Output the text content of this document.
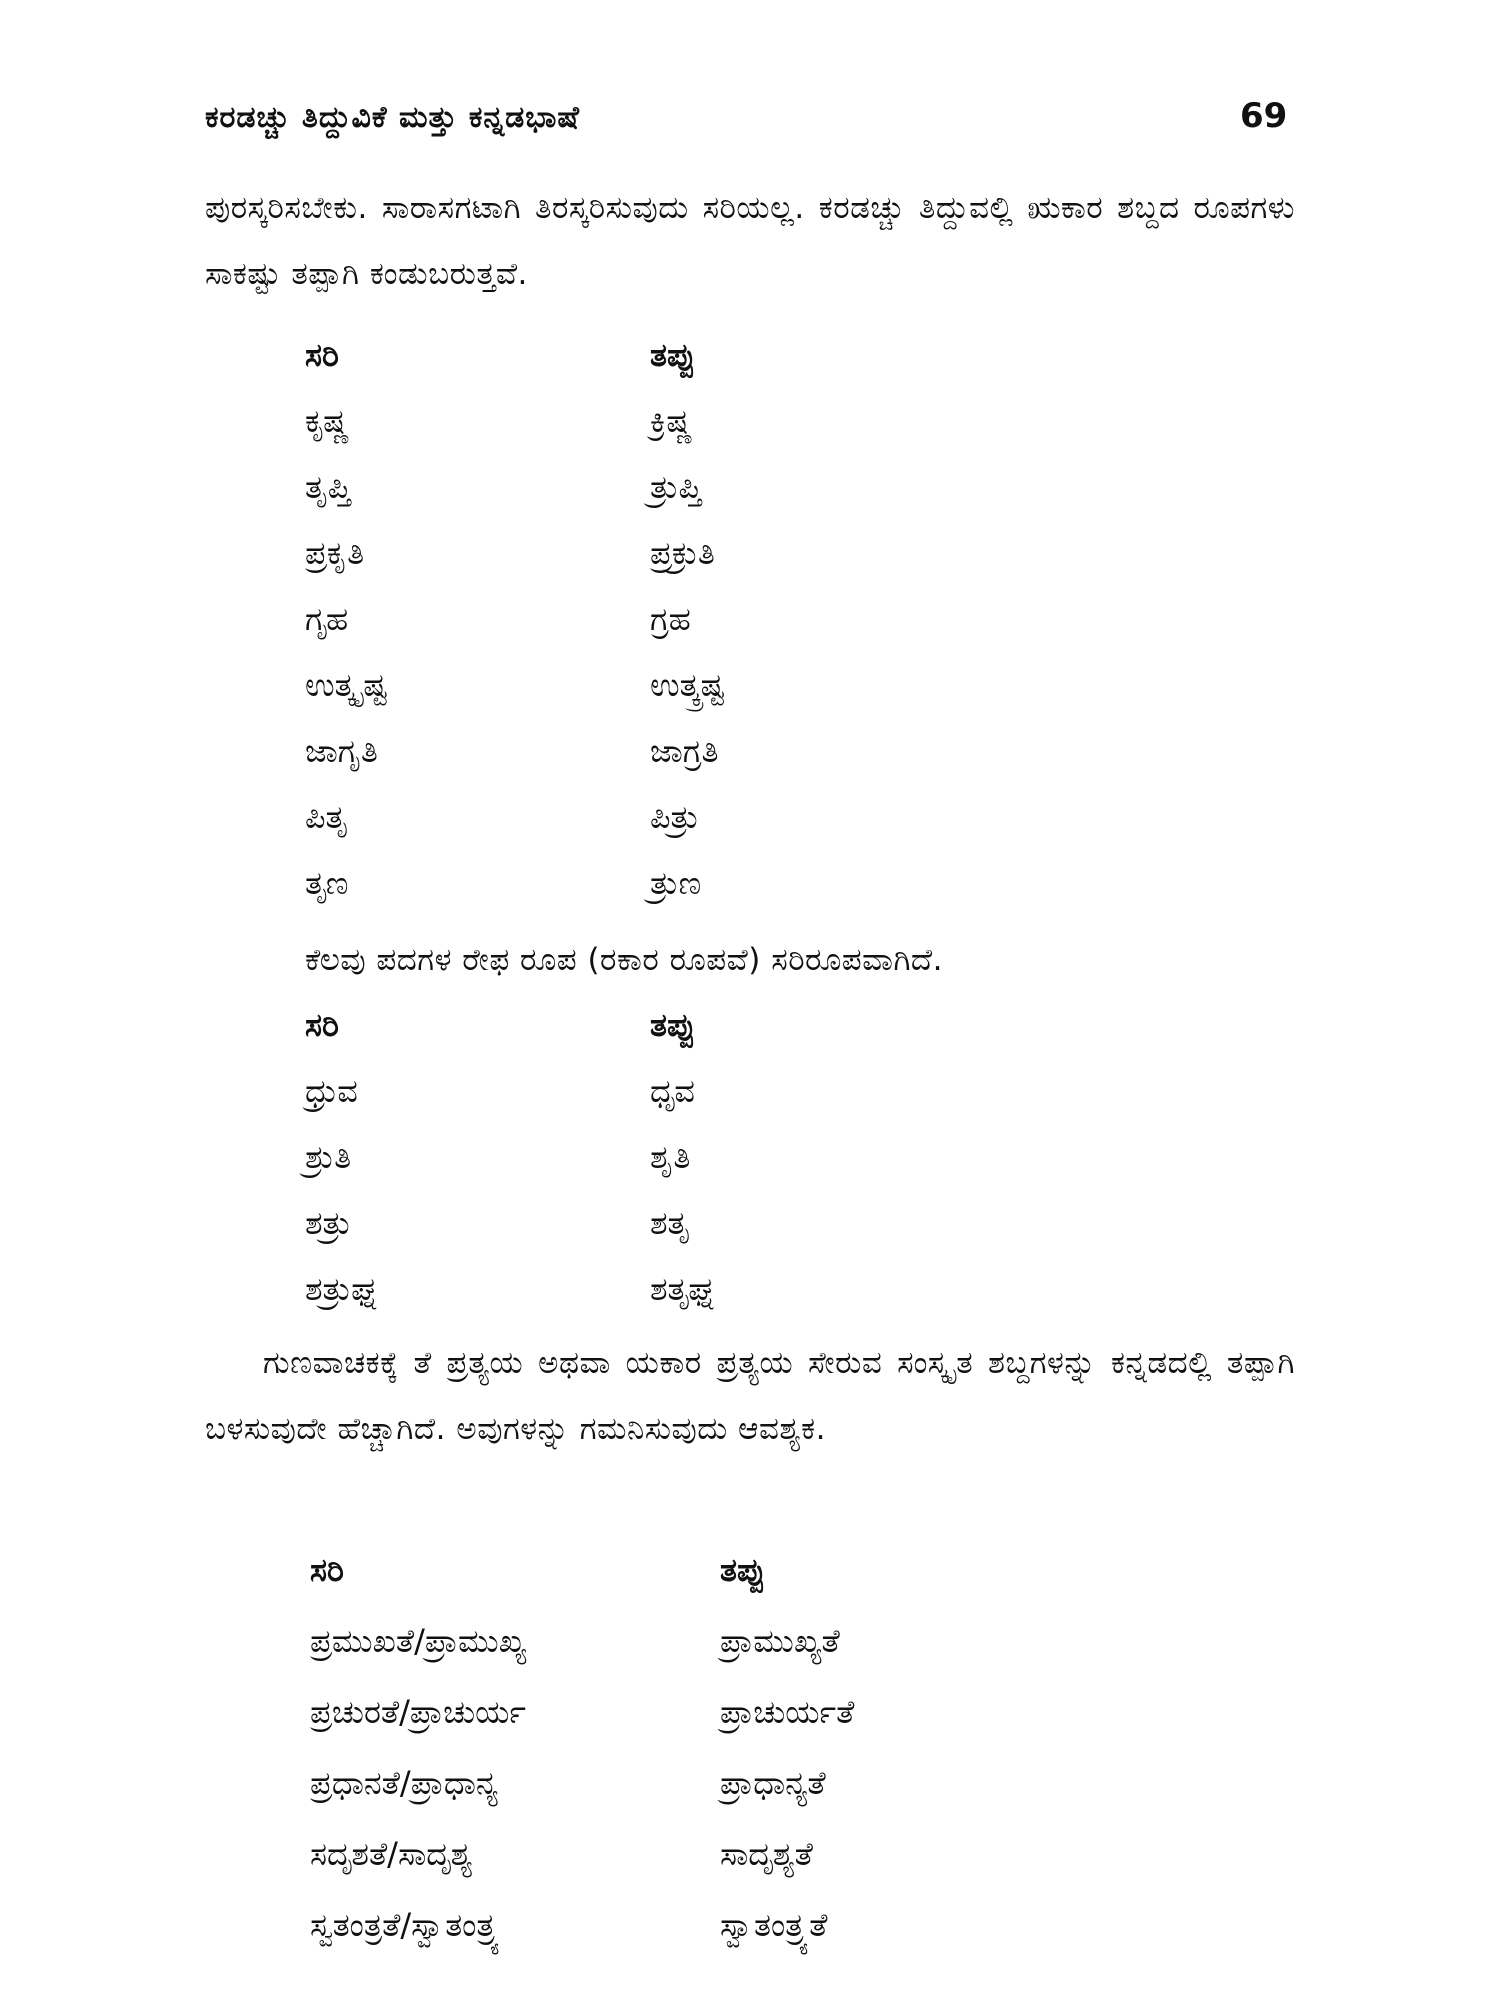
ಕರಡಚ್ಚು ತಿದ್ದುವಿಕೆ ಮತ್ತು ಕನ್ನಡಭಾಷೆ	69
ಪುರಸ್ಕರಿಸಬೇಕು. ಸಾರಾಸಗಟಾಗಿ ತಿರಸ್ಕರಿಸುವುದು ಸರಿಯಲ್ಲ. ಕರಡಚ್ಚು ತಿದ್ದುವಲ್ಲಿ ಋಕಾರ ಶಬ್ದದ ರೂಪಗಳು ಸಾಕಷ್ಟು ತಪ್ಪಾಗಿ ಕಂಡುಬರುತ್ತವೆ.
ಸರಿ	ತಪ್ಪು
ಕೃಷ್ಣ	ಕ್ರಿಷ್ಣ
ತೃಪ್ತಿ	ತ್ರುಪ್ತಿ
ಪ್ರಕೃತಿ	ಪ್ರಕ್ರುತಿ
ಗೃಹ	ಗ್ರಹ
ಉತ್ಕೃಷ್ಟ	ಉತ್ಕ್ರಷ್ಟ
ಜಾಗೃತಿ	ಜಾಗ್ರತಿ
ಪಿತೃ	ಪಿತ್ರು
ತೃಣ	ತ್ರುಣ
ಕೆಲವು ಪದಗಳ ರೇಫ ರೂಪ (ರಕಾರ ರೂಪವೆ) ಸರಿರೂಪವಾಗಿದೆ.
ಸರಿ	ತಪ್ಪು
ಧ್ರುವ	ಧೃವ
ಶ್ರುತಿ	ಶೃತಿ
ಶತ್ರು	ಶತೃ
ಶತ್ರುಘ್ನ	ಶತೃಘ್ನ
ಗುಣವಾಚಕಕ್ಕೆ ತೆ ಪ್ರತ್ಯಯ ಅಥವಾ ಯಕಾರ ಪ್ರತ್ಯಯ ಸೇರುವ ಸಂಸ್ಕೃತ ಶಬ್ದಗಳನ್ನು ಕನ್ನಡದಲ್ಲಿ ತಪ್ಪಾಗಿ ಬಳಸುವುದೇ ಹೆಚ್ಚಾಗಿದೆ. ಅವುಗಳನ್ನು ಗಮನಿಸುವುದು ಆವಶ್ಯಕ.
ಸರಿ	ತಪ್ಪು
ಪ್ರಮುಖತೆ/ಪ್ರಾಮುಖ್ಯ	ಪ್ರಾಮುಖ್ಯತೆ
ಪ್ರಚುರತೆ/ಪ್ರಾಚುರ್ಯ	ಪ್ರಾಚುರ್ಯತೆ
ಪ್ರಧಾನತೆ/ಪ್ರಾಧಾನ್ಯ	ಪ್ರಾಧಾನ್ಯತೆ
ಸದೃಶತೆ/ಸಾದೃಶ್ಯ	ಸಾದೃಶ್ಯತೆ
ಸ್ವತಂತ್ರತೆ/ಸ್ವಾತಂತ್ರ್ಯ	ಸ್ವಾತಂತ್ರ್ಯತೆ
